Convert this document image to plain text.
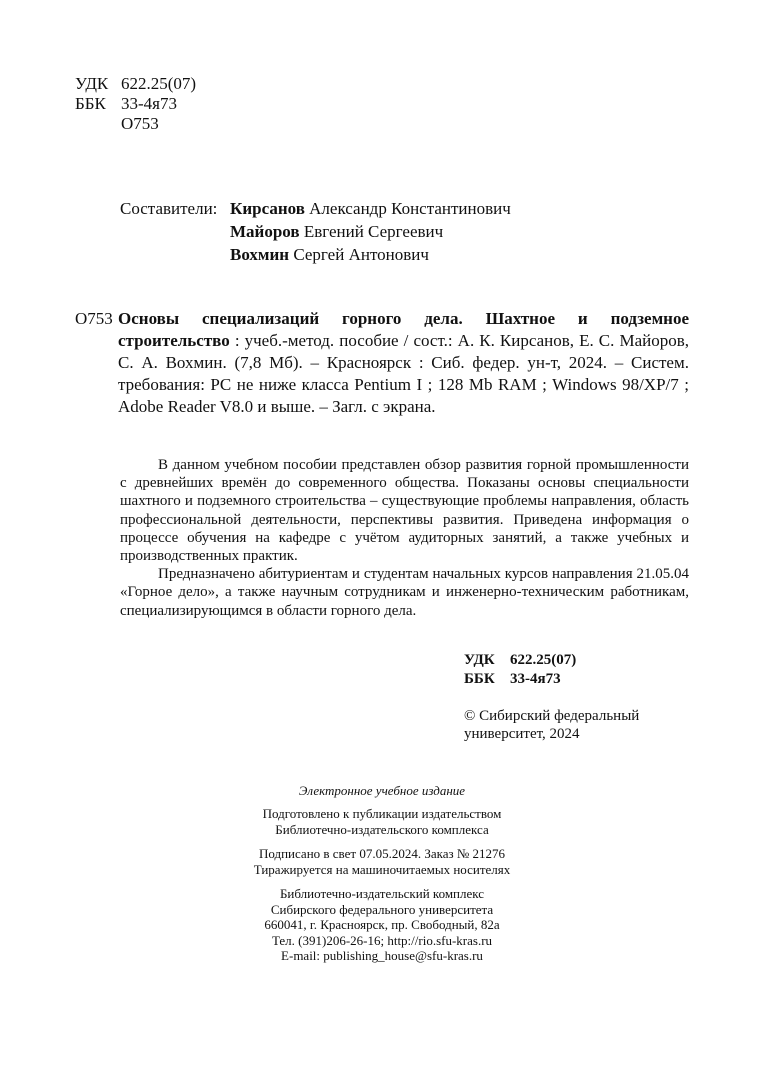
УДК 622.25(07)
ББК 33-4я73
О753
Составители: Кирсанов Александр Константинович
Майоров Евгений Сергеевич
Вохмин Сергей Антонович
О753 Основы специализаций горного дела. Шахтное и подземное строительство : учеб.-метод. пособие / сост.: А. К. Кирсанов, Е. С. Майоров, С. А. Вохмин. (7,8 Мб). – Красноярск : Сиб. федер. ун-т, 2024. – Систем. требования: PC не ниже класса Pentium I ; 128 Mb RAM ; Windows 98/XP/7 ; Adobe Reader V8.0 и выше. – Загл. с экрана.

В данном учебном пособии представлен обзор развития горной промышленности с древнейших времён до современного общества. Показаны основы специальности шахтного и подземного строительства – существующие проблемы направления, область профессиональной деятельности, перспективы развития. Приведена информация о процессе обучения на кафедре с учётом аудиторных занятий, а также учебных и производственных практик.

Предназначено абитуриентам и студентам начальных курсов направления 21.05.04 «Горное дело», а также научным сотрудникам и инженерно-техническим работникам, специализирующимся в области горного дела.

УДК 622.25(07)
ББК 33-4я73
© Сибирский федеральный
университет, 2024
Электронное учебное издание
Подготовлено к публикации издательством
Библиотечно-издательского комплекса
Подписано в свет 07.05.2024. Заказ № 21276
Тиражируется на машиночитаемых носителях
Библиотечно-издательский комплекс
Сибирского федерального университета
660041, г. Красноярск, пр. Свободный, 82а
Тел. (391)206-26-16; http://rio.sfu-kras.ru
E-mail: publishing_house@sfu-kras.ru
